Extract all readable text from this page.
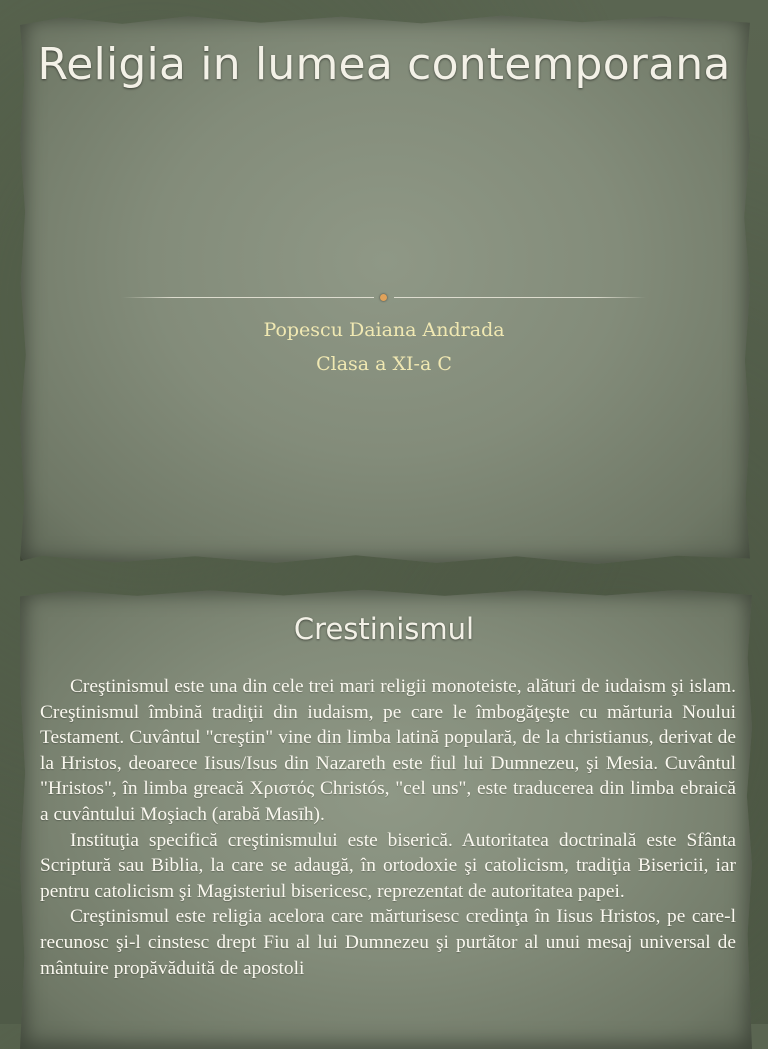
Religia in lumea contemporana
Popescu Daiana Andrada
Clasa a XI-a C
Crestinismul

Creştinismul este una din cele trei mari religii monoteiste, alături de iudaism şi islam. Creştinismul îmbină tradiţii din iudaism, pe care le îmbogăţeşte cu mărturia Noului Testament. Cuvântul "creştin" vine din limba latină populară, de la christianus, derivat de la Hristos, deoarece Iisus/Isus din Nazareth este fiul lui Dumnezeu, şi Mesia. Cuvântul "Hristos", în limba greacă Χριστός Christós, "cel uns", este traducerea din limba ebraică a cuvântului Moşiach (arabă Masīh).

Instituţia specifică creştinismului este biserică. Autoritatea doctrinală este Sfânta Scriptură sau Biblia, la care se adaugă, în ortodoxie şi catolicism, tradiţia Bisericii, iar pentru catolicism şi Magisteriul bisericesc, reprezentat de autoritatea papei.

Creştinismul este religia acelora care mărturisesc credinţa în Iisus Hristos, pe care-l recunosc şi-l cinstesc drept Fiu al lui Dumnezeu şi purtător al unui mesaj universal de mântuire propăvăduită de apostoli
